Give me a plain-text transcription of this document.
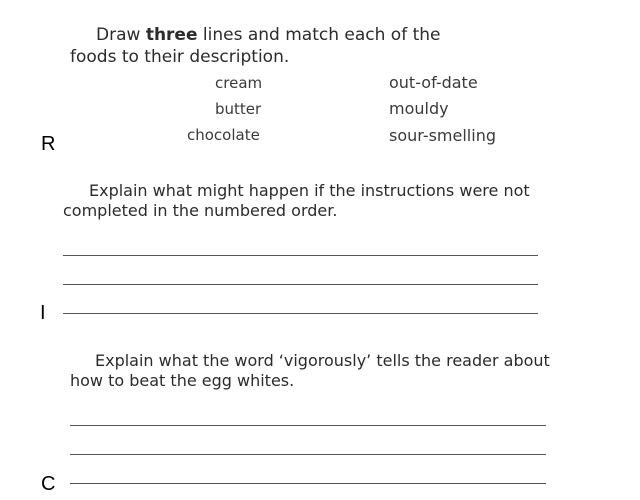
Draw three lines and match each of the
foods to their description.
cream
butter
chocolate
out-of-date
mouldy
sour-smelling
R
Explain what might happen if the instructions were not
completed in the numbered order.
I
Explain what the word ‘vigorously’ tells the reader about
how to beat the egg whites.
C
